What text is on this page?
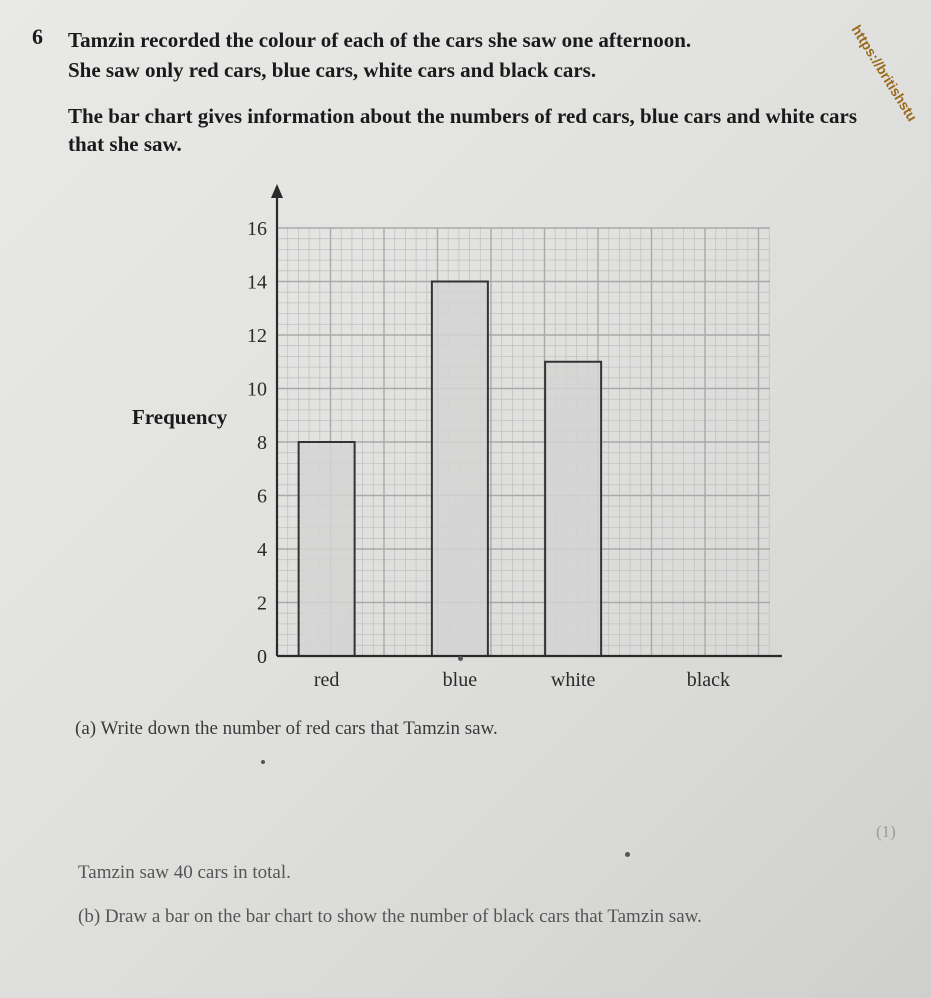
6 Tamzin recorded the colour of each of the cars she saw one afternoon.
She saw only red cars, blue cars, white cars and black cars.
The bar chart gives information about the numbers of red cars, blue cars and white cars
that she saw.
https://britishstu
0
2
4
6
8
10
12
14
16
red	blue	white	black
Frequency
(a) Write down the number of red cars that Tamzin saw.
(1)
Tamzin saw 40 cars in total.
(b) Draw a bar on the bar chart to show the number of black cars that Tamzin saw.
